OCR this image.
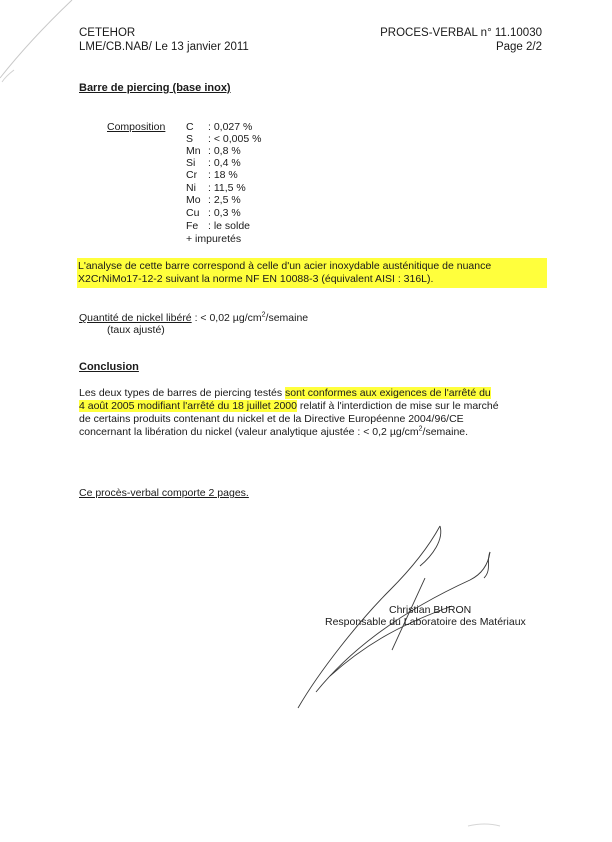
CETEHOR
LME/CB.NAB/ Le 13 janvier 2011
PROCES-VERBAL n° 11.10030
Page 2/2
Barre de piercing (base inox)
Composition C : 0,027 %
S : < 0,005 %
Mn : 0,8 %
Si : 0,4 %
Cr : 18 %
Ni : 11,5 %
Mo : 2,5 %
Cu : 0,3 %
Fe : le solde
+ impuretés
L'analyse de cette barre correspond à celle d'un acier inoxydable austénitique de nuance
X2CrNiMo17-12-2 suivant la norme NF EN 10088-3 (équivalent AISI : 316L).
Quantité de nickel libéré : < 0,02 $\mu g/cm^2$/semaine
(taux ajusté)
Conclusion
Les deux types de barres de piercing testés sont conformes aux exigences de l'arrêté du
4 août 2005 modifiant l'arrêté du 18 juillet 2000 relatif à l'interdiction de mise sur le marché
de certains produits contenant du nickel et de la Directive Européenne 2004/96/CE
concernant la libération du nickel (valeur analytique ajustée : < 0,2 $\mu g/cm^2$/semaine.
Ce procès-verbal comporte 2 pages.
Christian BURON
Responsable du Laboratoire des Matériaux
